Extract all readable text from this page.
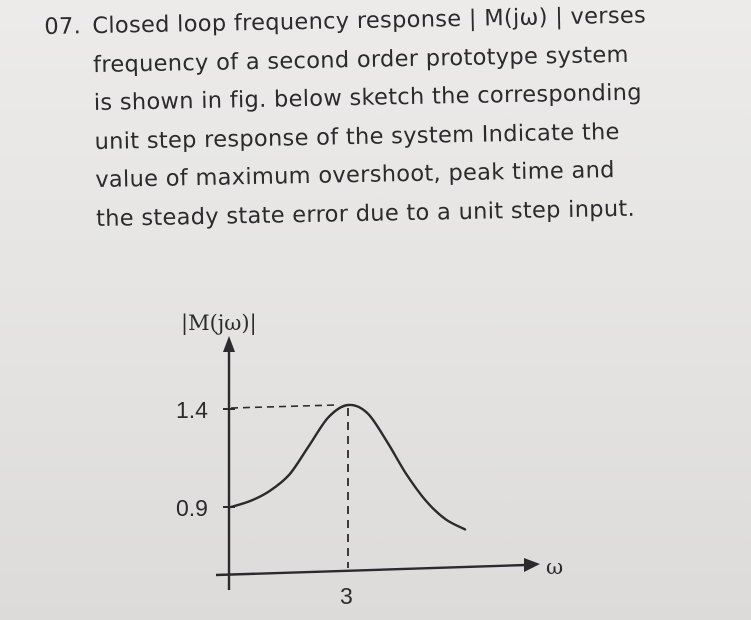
07. Closed loop frequency response | M(jω) | verses
frequency of a second order prototype system
is shown in fig. below sketch the corresponding
unit step response of the system Indicate the
value of maximum overshoot, peak time and
the steady state error due to a unit step input.
|M(jω)|
ω
1.4
0.9
3
